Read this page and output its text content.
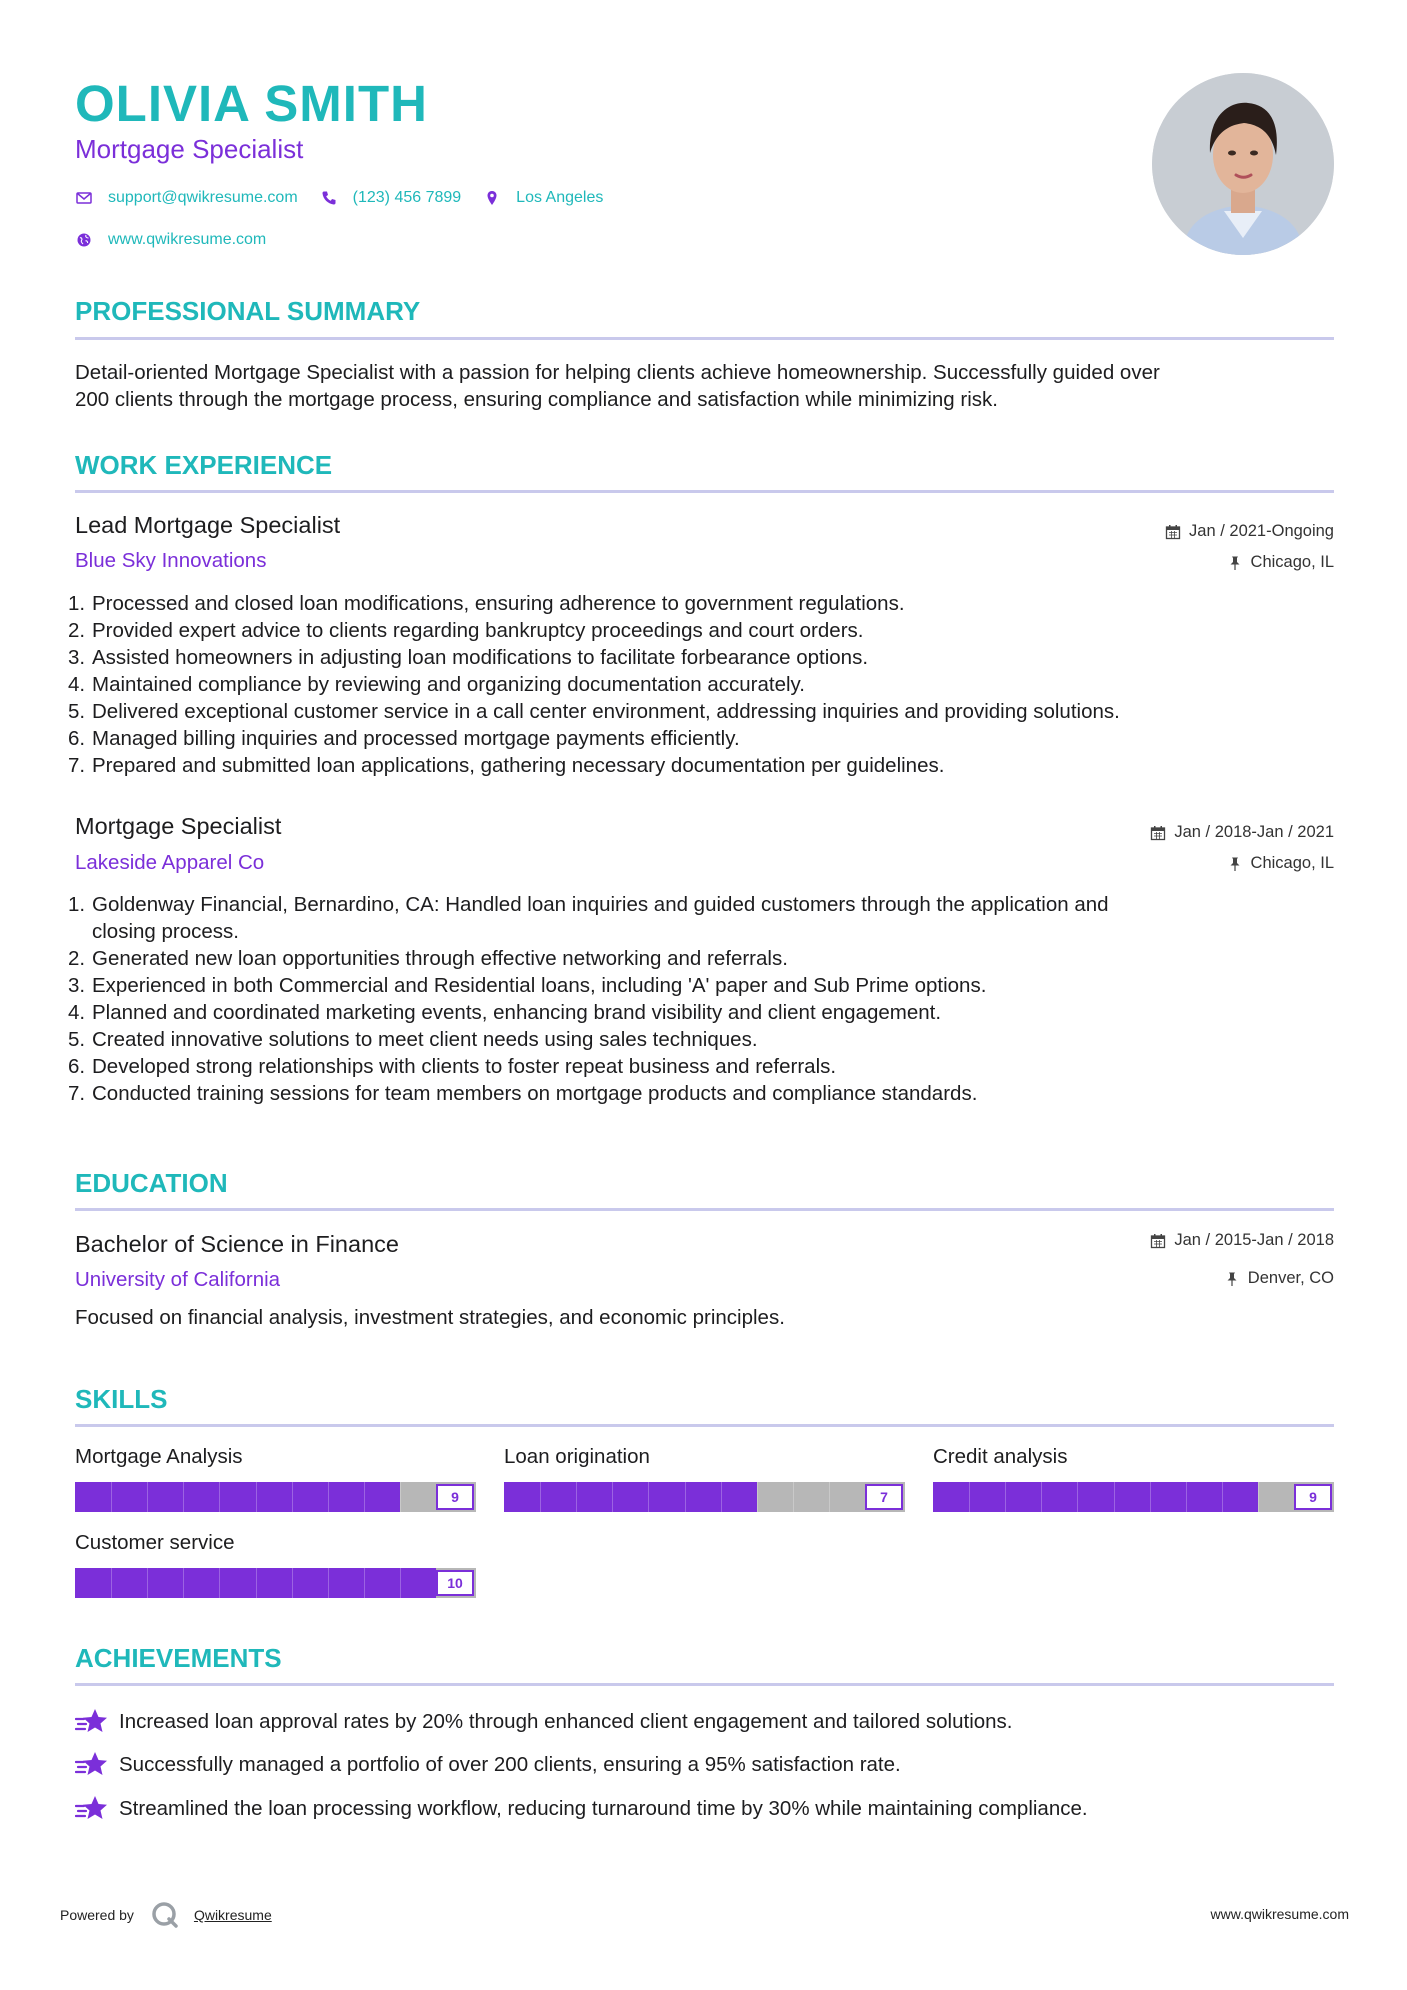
OLIVIA SMITH
Mortgage Specialist
support@qwikresume.com	(123) 456 7899	Los Angeles
www.qwikresume.com
PROFESSIONAL SUMMARY
Detail-oriented Mortgage Specialist with a passion for helping clients achieve homeownership. Successfully guided over
200 clients through the mortgage process, ensuring compliance and satisfaction while minimizing risk.
WORK EXPERIENCE
Lead Mortgage Specialist
Blue Sky Innovations
Jan / 2021-Ongoing
Chicago, IL
1. Processed and closed loan modifications, ensuring adherence to government regulations.
2. Provided expert advice to clients regarding bankruptcy proceedings and court orders.
3. Assisted homeowners in adjusting loan modifications to facilitate forbearance options.
4. Maintained compliance by reviewing and organizing documentation accurately.
5. Delivered exceptional customer service in a call center environment, addressing inquiries and providing solutions.
6. Managed billing inquiries and processed mortgage payments efficiently.
7. Prepared and submitted loan applications, gathering necessary documentation per guidelines.
Mortgage Specialist
Lakeside Apparel Co
Jan / 2018-Jan / 2021
Chicago, IL
1. Goldenway Financial, Bernardino, CA: Handled loan inquiries and guided customers through the application and
closing process.
2. Generated new loan opportunities through effective networking and referrals.
3. Experienced in both Commercial and Residential loans, including 'A' paper and Sub Prime options.
4. Planned and coordinated marketing events, enhancing brand visibility and client engagement.
5. Created innovative solutions to meet client needs using sales techniques.
6. Developed strong relationships with clients to foster repeat business and referrals.
7. Conducted training sessions for team members on mortgage products and compliance standards.
EDUCATION
Bachelor of Science in Finance
University of California
Jan / 2015-Jan / 2018
Denver, CO
Focused on financial analysis, investment strategies, and economic principles.
SKILLS
Mortgage Analysis
9
Loan origination
7
Credit analysis
9
Customer service
10
ACHIEVEMENTS
Increased loan approval rates by 20% through enhanced client engagement and tailored solutions.
Successfully managed a portfolio of over 200 clients, ensuring a 95% satisfaction rate.
Streamlined the loan processing workflow, reducing turnaround time by 30% while maintaining compliance.
Powered by	Qwikresume	www.qwikresume.com
